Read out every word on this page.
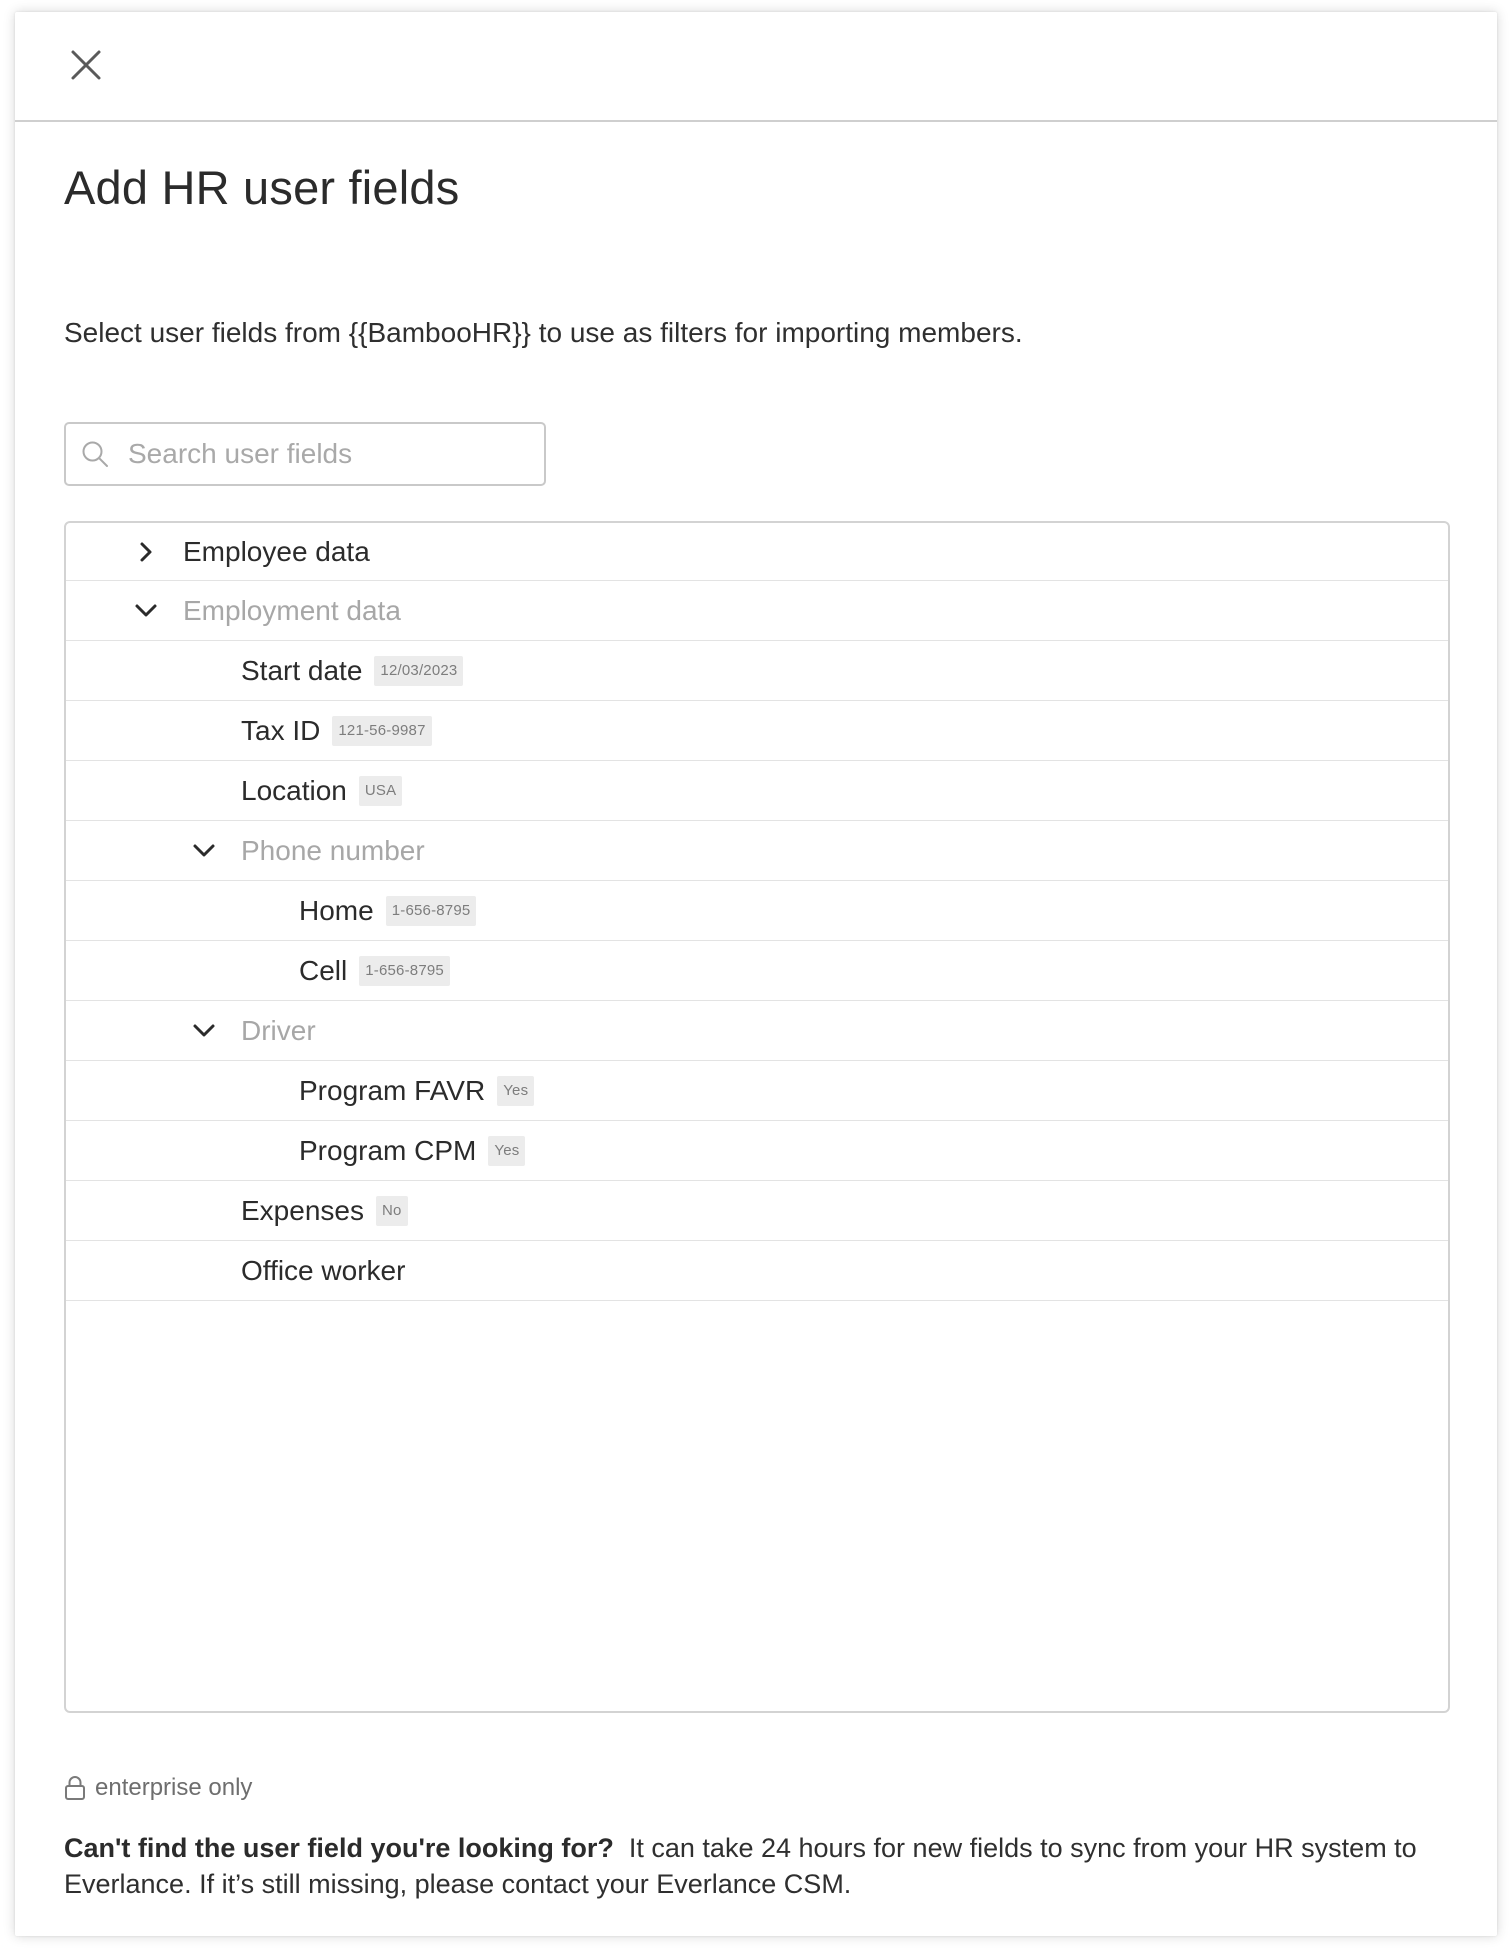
Add HR user fields

Select user fields from {{BambooHR}} to use as filters for importing members.

Search user fields
Employee data
Employment data
Start date	12/03/2023
Tax ID	121-56-9987
Location	USA
Phone number
Home	1-656-8795
Cell	1-656-8795
Driver
Program FAVR	Yes
Program CPM	Yes
Expenses	No
Office worker
enterprise only

Can't find the user field you're looking for? It can take 24 hours for new fields to sync from your HR system to Everlance. If it’s still missing, please contact your Everlance CSM.
